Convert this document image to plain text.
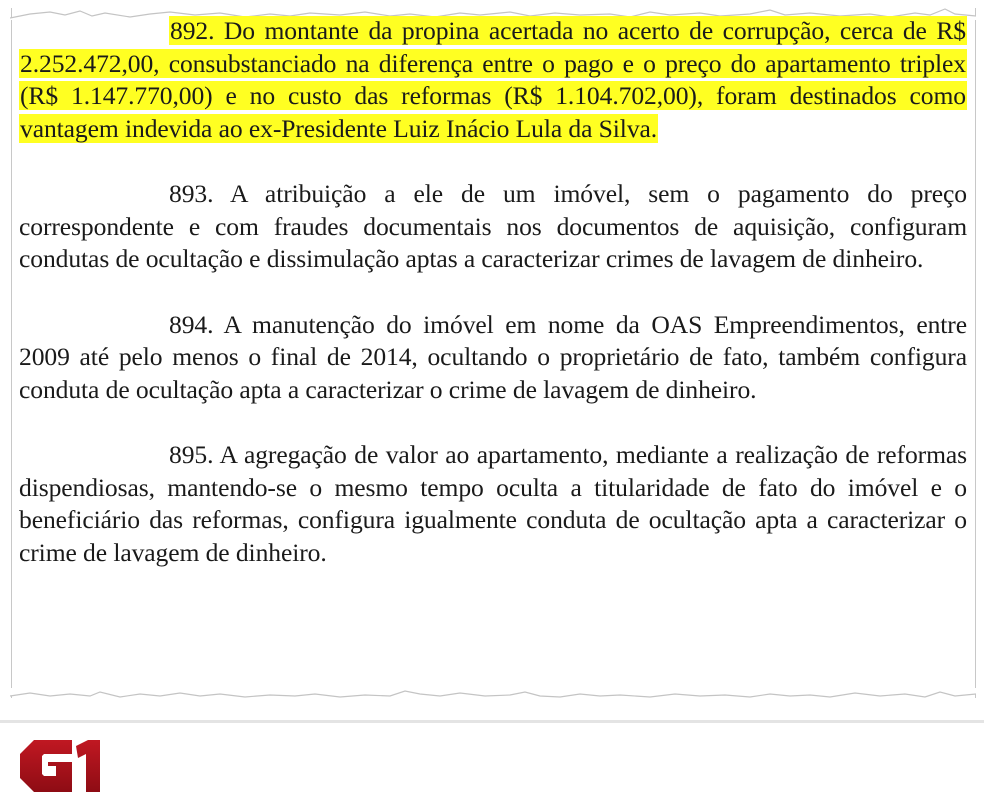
892. Do montante da propina acertada no acerto de corrupção, cerca de R$ 2.252.472,00, consubstanciado na diferença entre o pago e o preço do apartamento triplex (R$ 1.147.770,00) e no custo das reformas (R$ 1.104.702,00), foram destinados como vantagem indevida ao ex-Presidente Luiz Inácio Lula da Silva.

893. A atribuição a ele de um imóvel, sem o pagamento do preço correspondente e com fraudes documentais nos documentos de aquisição, configuram condutas de ocultação e dissimulação aptas a caracterizar crimes de lavagem de dinheiro.

894. A manutenção do imóvel em nome da OAS Empreendimentos, entre 2009 até pelo menos o final de 2014, ocultando o proprietário de fato, também configura conduta de ocultação apta a caracterizar o crime de lavagem de dinheiro.

895. A agregação de valor ao apartamento, mediante a realização de reformas dispendiosas, mantendo-se o mesmo tempo oculta a titularidade de fato do imóvel e o beneficiário das reformas, configura igualmente conduta de ocultação apta a caracterizar o crime de lavagem de dinheiro.
